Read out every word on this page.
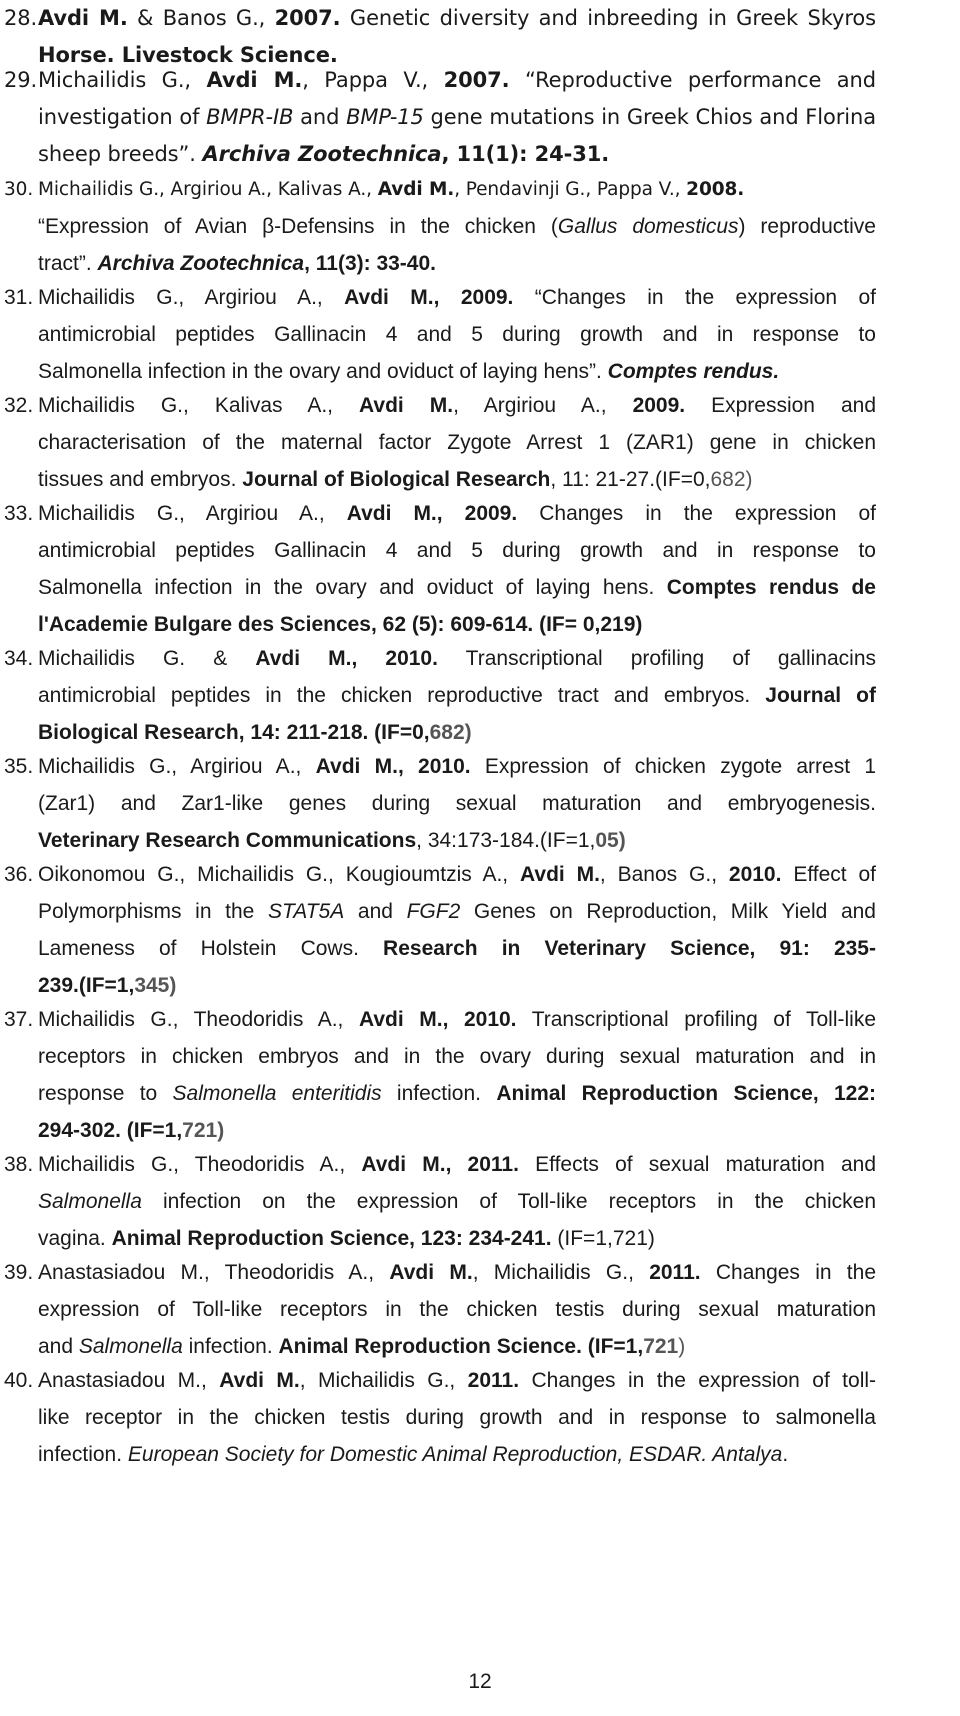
28. Avdi M. & Banos G., 2007. Genetic diversity and inbreeding in Greek Skyros
Horse. Livestock Science.
29. Michailidis G., Avdi M., Pappa V., 2007. “Reproductive performance and
investigation of BMPR-IB and BMP-15 gene mutations in Greek Chios and Florina
sheep breeds”. Archiva Zootechnica, 11(1): 24-31.
30. Michailidis G., Argiriou A., Kalivas A., Avdi M., Pendavinji G., Pappa V., 2008.
“Expression of Avian β-Defensins in the chicken (Gallus domesticus) reproductive
tract”. Archiva Zootechnica, 11(3): 33-40.
31. Michailidis G., Argiriou A., Avdi M., 2009. “Changes in the expression of
antimicrobial peptides Gallinacin 4 and 5 during growth and in response to
Salmonella infection in the ovary and oviduct of laying hens”. Comptes rendus.
32. Michailidis G., Kalivas A., Avdi M., Argiriou A., 2009. Expression and
characterisation of the maternal factor Zygote Arrest 1 (ZAR1) gene in chicken
tissues and embryos. Journal of Biological Research, 11: 21-27.(IF=0,682)
33. Michailidis G., Argiriou A., Avdi M., 2009. Changes in the expression of
antimicrobial peptides Gallinacin 4 and 5 during growth and in response to
Salmonella infection in the ovary and oviduct of laying hens. Comptes rendus de
l'Academie Bulgare des Sciences, 62 (5): 609-614. (IF= 0,219)
34. Michailidis G. & Avdi M., 2010. Transcriptional profiling of gallinacins
antimicrobial peptides in the chicken reproductive tract and embryos. Journal of
Biological Research, 14: 211-218. (IF=0,682)
35. Michailidis G., Argiriou A., Avdi M., 2010. Expression of chicken zygote arrest 1
(Zar1) and Zar1-like genes during sexual maturation and embryogenesis.
Veterinary Research Communications, 34:173-184.(IF=1,05)
36. Oikonomou G., Michailidis G., Kougioumtzis A., Avdi M., Banos G., 2010. Effect of
Polymorphisms in the STAT5A and FGF2 Genes on Reproduction, Milk Yield and
Lameness of Holstein Cows. Research in Veterinary Science, 91: 235-
239.(IF=1,345)
37. Michailidis G., Theodoridis A., Avdi M., 2010. Transcriptional profiling of Toll-like
receptors in chicken embryos and in the ovary during sexual maturation and in
response to Salmonella enteritidis infection. Animal Reproduction Science, 122:
294-302. (IF=1,721)
38. Michailidis G., Theodoridis A., Avdi M., 2011. Effects of sexual maturation and
Salmonella infection on the expression of Toll-like receptors in the chicken
vagina. Animal Reproduction Science, 123: 234-241. (IF=1,721)
39. Anastasiadou M., Theodoridis A., Avdi M., Michailidis G., 2011. Changes in the
expression of Toll-like receptors in the chicken testis during sexual maturation
and Salmonella infection. Animal Reproduction Science. (IF=1,721)
40. Anastasiadou M., Avdi M., Michailidis G., 2011. Changes in the expression of toll-
like receptor in the chicken testis during growth and in response to salmonella
infection. European Society for Domestic Animal Reproduction, ESDAR. Antalya.
12
